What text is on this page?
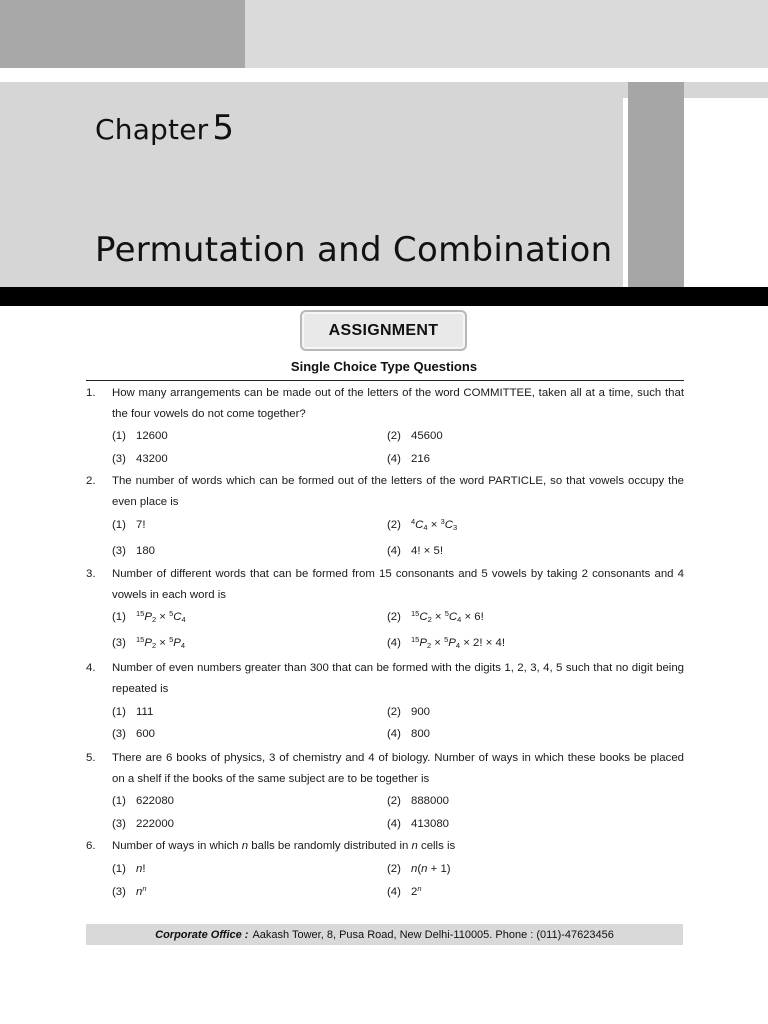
Chapter 5
Permutation and Combination
ASSIGNMENT
Single Choice Type Questions
1.	How many arrangements can be made out of the letters of the word COMMITTEE, taken all at a time, such that the four vowels do not come together?
(1) 12600	(2) 45600
(3) 43200	(4) 216
2.	The number of words which can be formed out of the letters of the word PARTICLE, so that vowels occupy the even place is
(1) 7!	(2) $^4C_4 \times ^3C_3$
(3) 180	(4) 4! × 5!
3.	Number of different words that can be formed from 15 consonants and 5 vowels by taking 2 consonants and 4 vowels in each word is
(1) $^{15}P_2 \times ^5C_4$	(2) $^{15}C_2 \times ^5C_4 \times 6$!
(3) $^{15}P_2 \times ^5P_4$	(4) $^{15}P_2 \times ^5P_4 \times 2$! × 4!
4.	Number of even numbers greater than 300 that can be formed with the digits 1, 2, 3, 4, 5 such that no digit being repeated is
(1) 111	(2) 900
(3) 600	(4) 800
5.	There are 6 books of physics, 3 of chemistry and 4 of biology. Number of ways in which these books be placed on a shelf if the books of the same subject are to be together is
(1) 622080	(2) 888000
(3) 222000	(4) 413080
6.	Number of ways in which n balls be randomly distributed in n cells is
(1) n!	(2) n(n + 1)
(3) $n^n$	(4) 2$^n$
Corporate Office : Aakash Tower, 8, Pusa Road, New Delhi-110005. Phone : (011)-47623456
